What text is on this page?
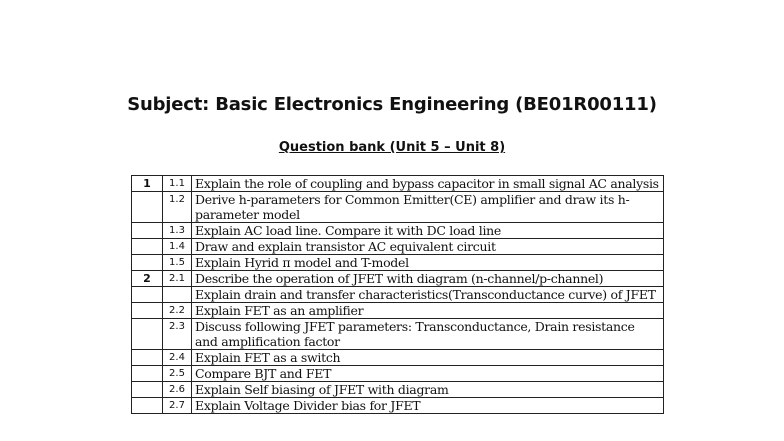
Subject: Basic Electronics Engineering (BE01R00111)
Question bank (Unit 5 – Unit 8)
1	1.1	Explain the role of coupling and bypass capacitor in small signal AC analysis
	1.2	Derive h-parameters for Common Emitter(CE) amplifier and draw its h-parameter model
	1.3	Explain AC load line. Compare it with DC load line
	1.4	Draw and explain transistor AC equivalent circuit
	1.5	Explain Hyrid π model and T-model
2	2.1	Describe the operation of JFET with diagram (n-channel/p-channel)
		Explain drain and transfer characteristics(Transconductance curve) of JFET
	2.2	Explain FET as an amplifier
	2.3	Discuss following JFET parameters: Transconductance, Drain resistance and amplification factor
	2.4	Explain FET as a switch
	2.5	Compare BJT and FET
	2.6	Explain Self biasing of JFET with diagram
	2.7	Explain Voltage Divider bias for JFET
